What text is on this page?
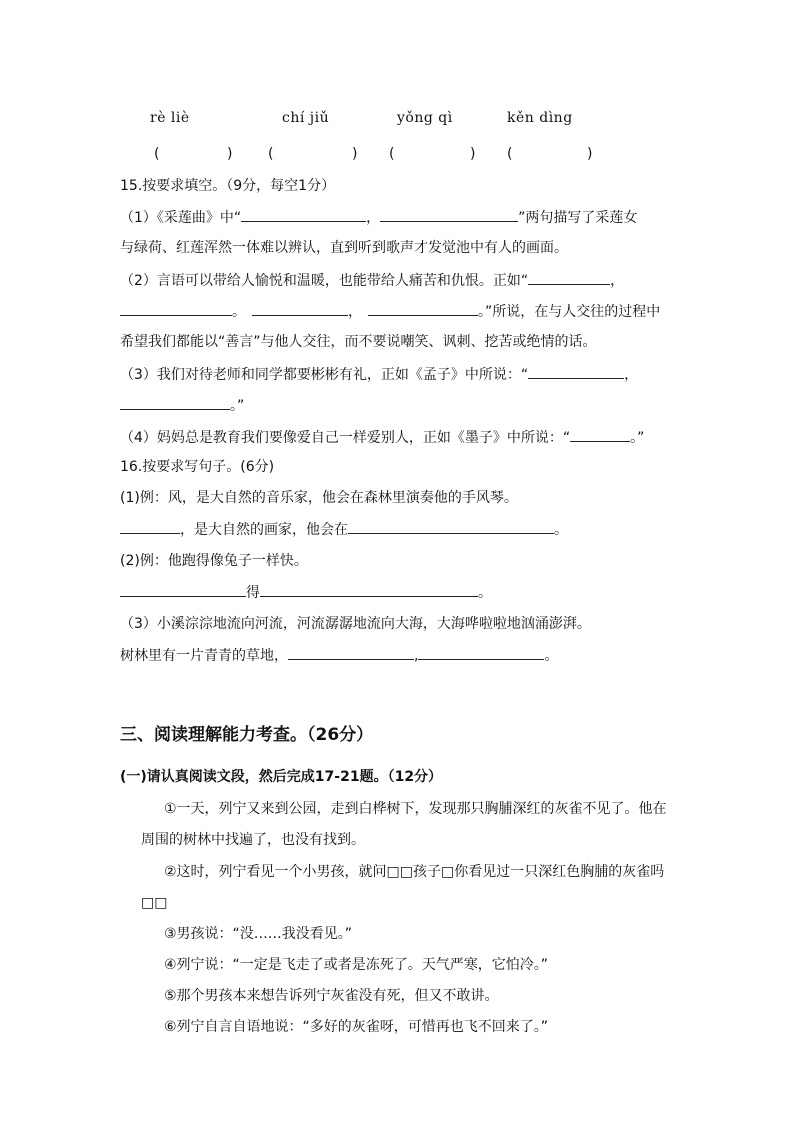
rè liè	chí jiǔ	yǒng qì	kěn dìng
(	)	(	) (	) (	)
15.按要求填空。（9分，每空1分）
（1）《采莲曲》中“	，	”两句描写了采莲女
与绿荷、红莲浑然一体难以辨认，直到听到歌声才发觉池中有人的画面。
（2）言语可以带给人愉悦和温暖，也能带给人痛苦和仇恨。正如“	，
。	，	。”所说，在与人交往的过程中
希望我们都能以“善言”与他人交往，而不要说嘲笑、讽刺、挖苦或绝情的话。
（3）我们对待老师和同学都要彬彬有礼，正如《孟子》中所说：“	，
。”
（4）妈妈总是教育我们要像爱自己一样爱别人，正如《墨子》中所说：“	。”
16.按要求写句子。(6分)
(1)例：风，是大自然的音乐家，他会在森林里演奏他的手风琴。
，是大自然的画家，他会在	。
(2)例：他跑得像兔子一样快。
得	。
（3）小溪淙淙地流向河流，河流潺潺地流向大海，大海哗啦啦地汹涌澎湃。
树林里有一片青青的草地，	,	。
三、阅读理解能力考查。（26分）
(一)请认真阅读文段，然后完成17-21题。（12分）
①一天，列宁又来到公园，走到白桦树下，发现那只胸脯深红的灰雀不见了。他在
周围的树林中找遍了，也没有找到。
②这时，列宁看见一个小男孩，就问□□孩子□你看见过一只深红色胸脯的灰雀吗
□□
③男孩说：“没……我没看见。”
④列宁说：“一定是飞走了或者是冻死了。天气严寒，它怕冷。”
⑤那个男孩本来想告诉列宁灰雀没有死，但又不敢讲。
⑥列宁自言自语地说：“多好的灰雀呀，可惜再也飞不回来了。”
